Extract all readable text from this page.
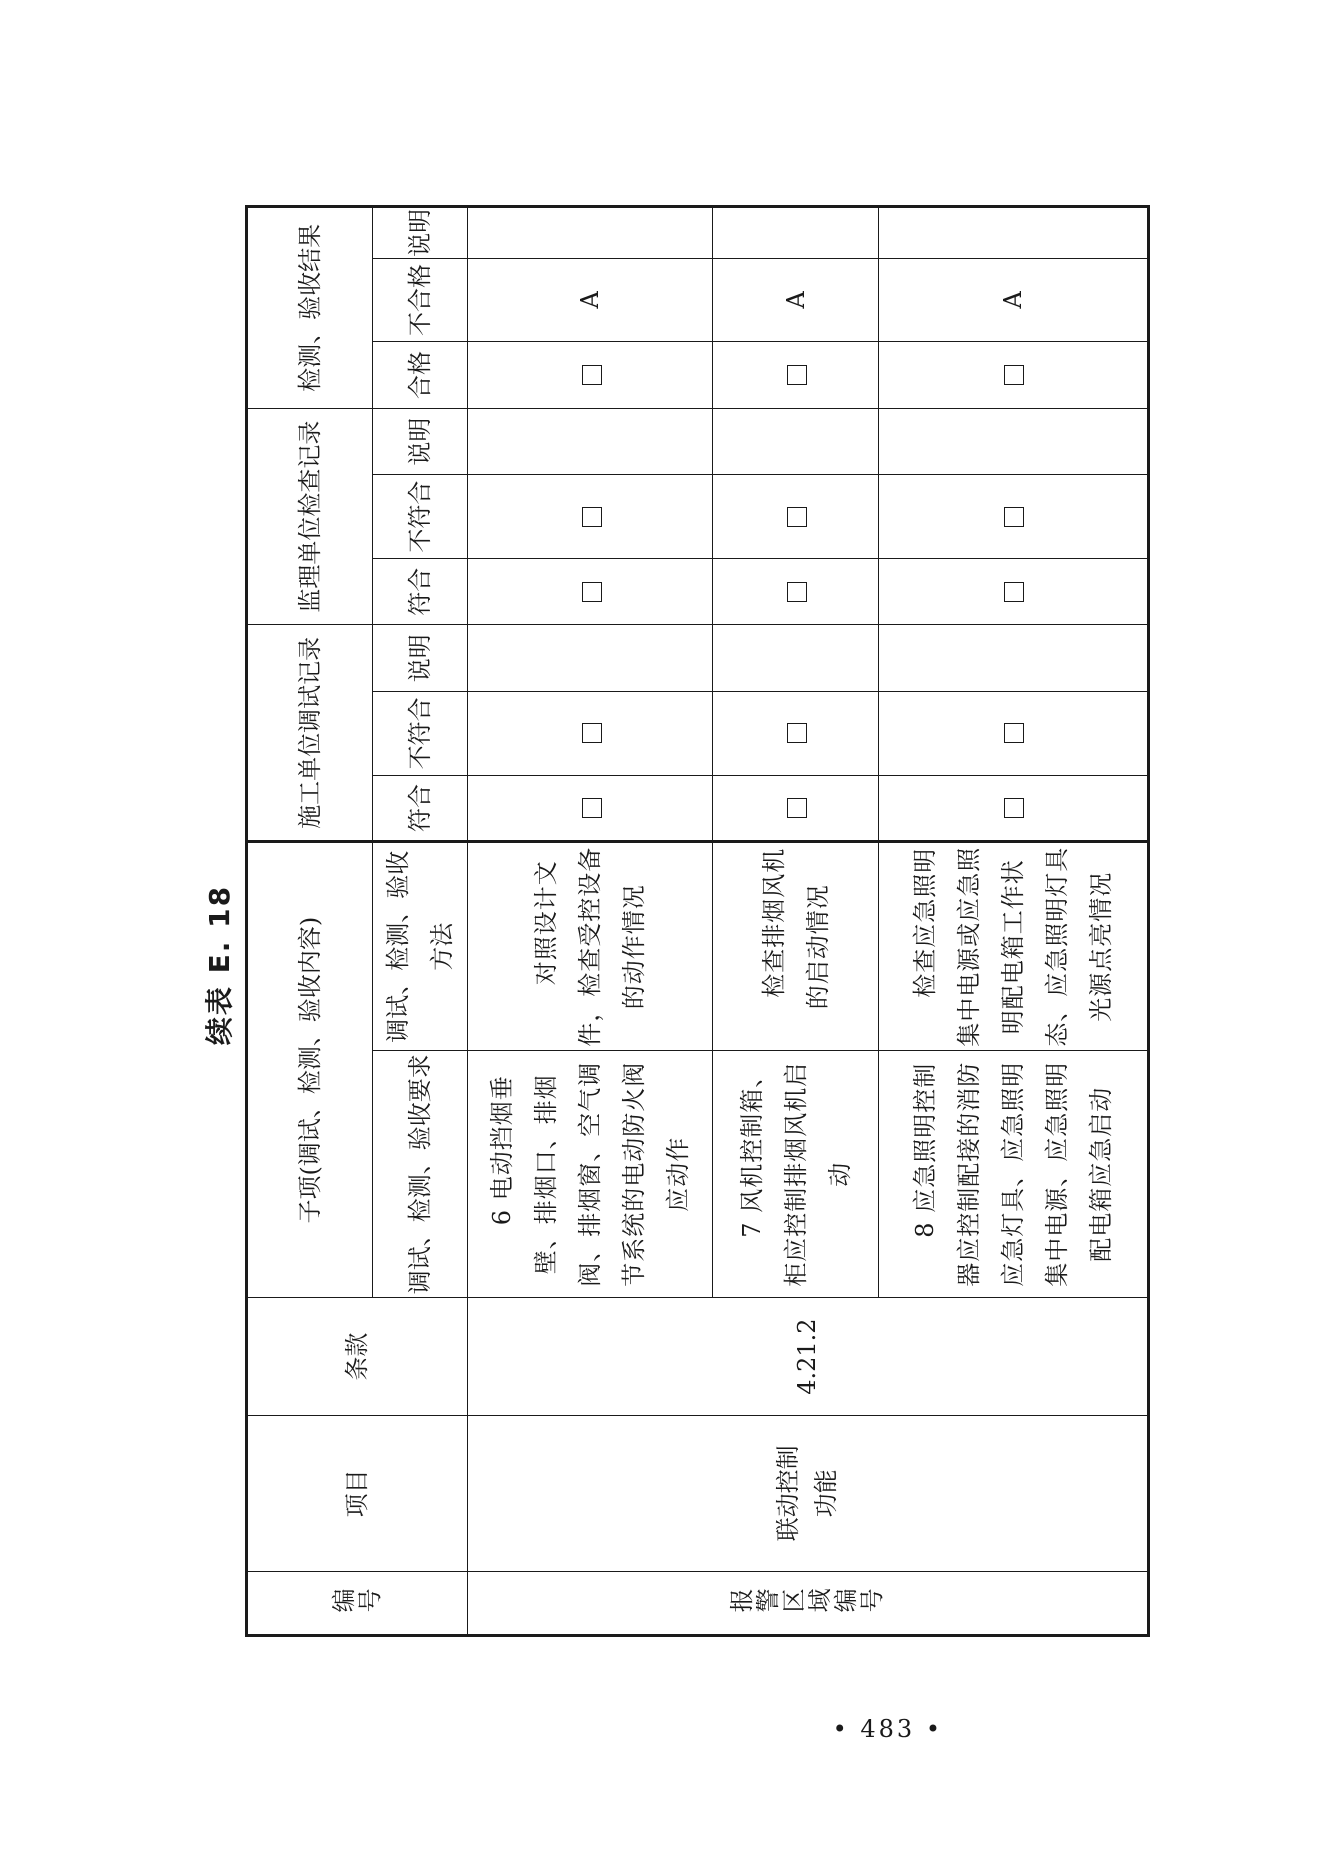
续表 E. 18
编号	项目	条款	子项(调试、检测、验收内容)		施工单位调试记录			监理单位检查记录			检测、验收结果		
			调试、检测、验收要求	调试、检测、验收方法	符合	不符合	说明	符合	不符合	说明	合格	不合格	说明

报警区域编号	联动控制功能	4.21.2	6 电动挡烟垂壁、排烟口、排烟阀、排烟窗、空气调节系统的电动防火阀应动作	对照设计文件，检查受控设备的动作情况								A	
			7 风机控制箱、柜应控制排烟风机启动	检查排烟风机的启动情况								A	
			8 应急照明控制器应控制配接的消防应急灯具、应急照明集中电源、应急照明配电箱应急启动	检查应急照明集中电源或应急照明配电箱工作状态、应急照明灯具光源点亮情况								A	
• 483 •
